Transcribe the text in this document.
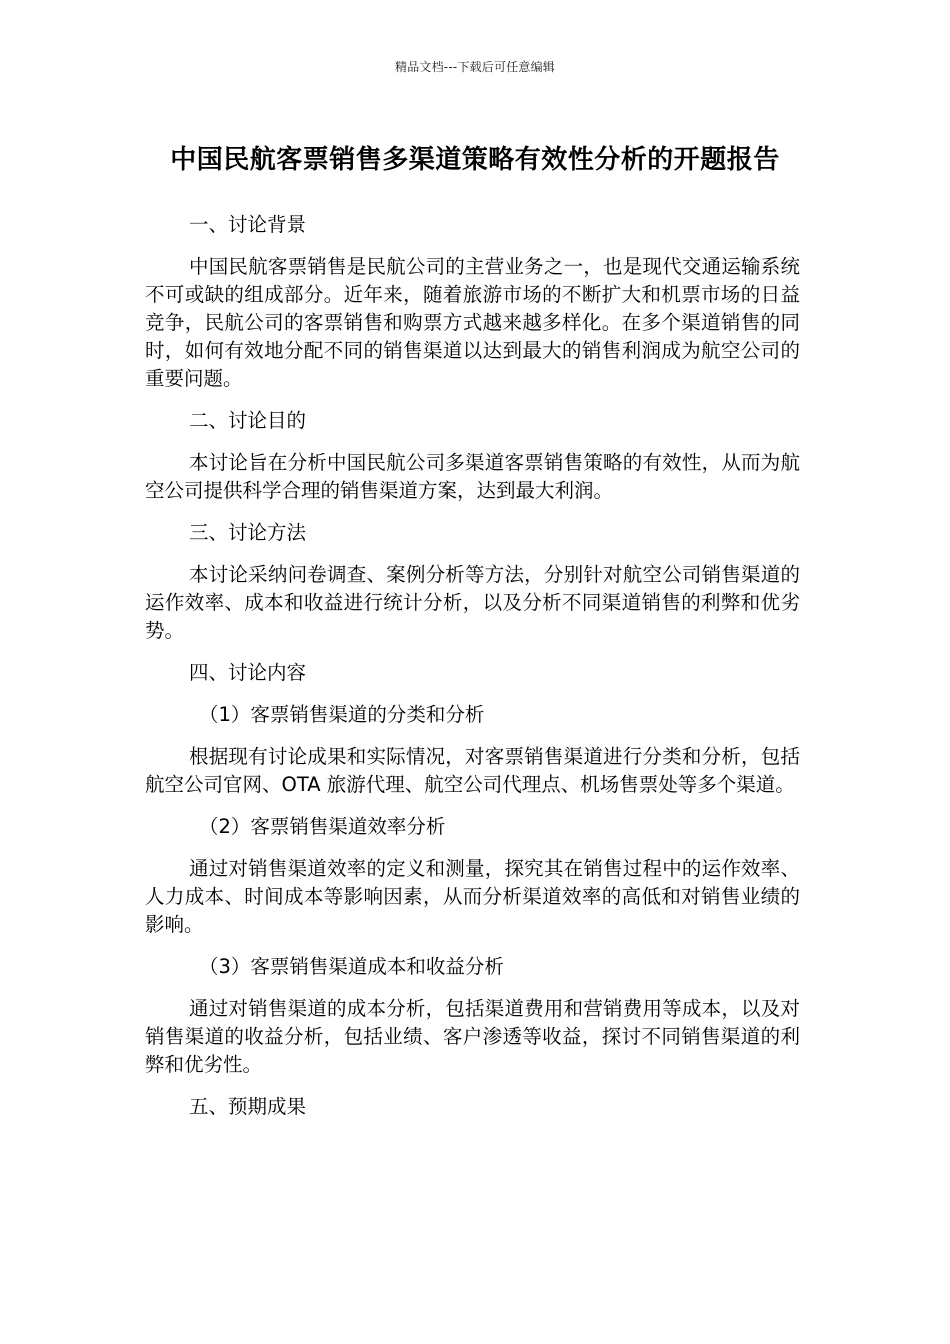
精品文档---下载后可任意编辑
中国民航客票销售多渠道策略有效性分析的开题报告

一、讨论背景

中国民航客票销售是民航公司的主营业务之一，也是现代交通运输系统不可或缺的组成部分。近年来，随着旅游市场的不断扩大和机票市场的日益竞争，民航公司的客票销售和购票方式越来越多样化。在多个渠道销售的同时，如何有效地分配不同的销售渠道以达到最大的销售利润成为航空公司的重要问题。

二、讨论目的

本讨论旨在分析中国民航公司多渠道客票销售策略的有效性，从而为航空公司提供科学合理的销售渠道方案，达到最大利润。

三、讨论方法

本讨论采纳问卷调查、案例分析等方法，分别针对航空公司销售渠道的运作效率、成本和收益进行统计分析，以及分析不同渠道销售的利弊和优劣势。

四、讨论内容

（1）客票销售渠道的分类和分析

根据现有讨论成果和实际情况，对客票销售渠道进行分类和分析，包括航空公司官网、OTA 旅游代理、航空公司代理点、机场售票处等多个渠道。

（2）客票销售渠道效率分析

通过对销售渠道效率的定义和测量，探究其在销售过程中的运作效率、人力成本、时间成本等影响因素，从而分析渠道效率的高低和对销售业绩的影响。

（3）客票销售渠道成本和收益分析

通过对销售渠道的成本分析，包括渠道费用和营销费用等成本，以及对销售渠道的收益分析，包括业绩、客户渗透等收益，探讨不同销售渠道的利弊和优劣性。

五、预期成果
